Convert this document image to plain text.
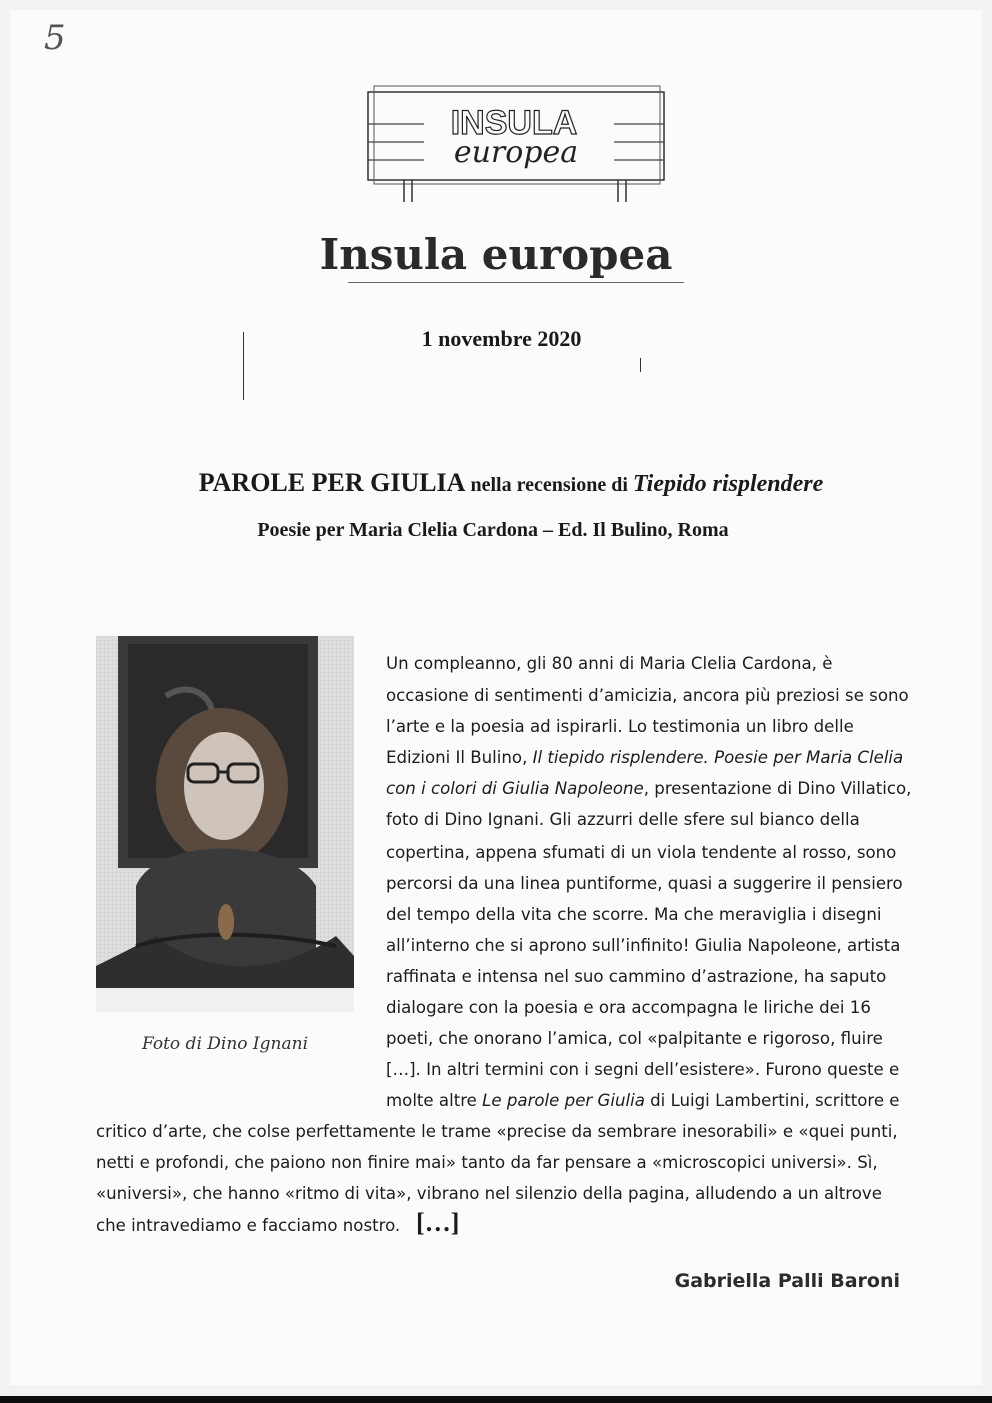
5
INSULA
europea
Insula europea
1 novembre 2020
PAROLE PER GIULIA nella recensione di Tiepido risplendere
Poesie per Maria Clelia Cardona – Ed. Il Bulino, Roma
Foto di Dino Ignani
Un compleanno, gli 80 anni di Maria Clelia Cardona, è
occasione di sentimenti d’amicizia, ancora più preziosi se sono
l’arte e la poesia ad ispirarli. Lo testimonia un libro delle
Edizioni Il Bulino, Il tiepido risplendere. Poesie per Maria Clelia
con i colori di Giulia Napoleone, presentazione di Dino Villatico,
foto di Dino Ignani. Gli azzurri delle sfere sul bianco della
copertina, appena sfumati di un viola tendente al rosso, sono
percorsi da una linea puntiforme, quasi a suggerire il pensiero
del tempo della vita che scorre. Ma che meraviglia i disegni
all’interno che si aprono sull’infinito! Giulia Napoleone, artista
raffinata e intensa nel suo cammino d’astrazione, ha saputo
dialogare con la poesia e ora accompagna le liriche dei 16
poeti, che onorano l’amica, col «palpitante e rigoroso, fluire
[…]. In altri termini con i segni dell’esistere». Furono queste e
molte altre Le parole per Giulia di Luigi Lambertini, scrittore e
critico d’arte, che colse perfettamente le trame «precise da sembrare inesorabili» e «quei punti,
netti e profondi, che paiono non finire mai» tanto da far pensare a «microscopici universi». Sì,
«universi», che hanno «ritmo di vita», vibrano nel silenzio della pagina, alludendo a un altrove
che intravediamo e facciamo nostro. […]
Gabriella Palli Baroni
